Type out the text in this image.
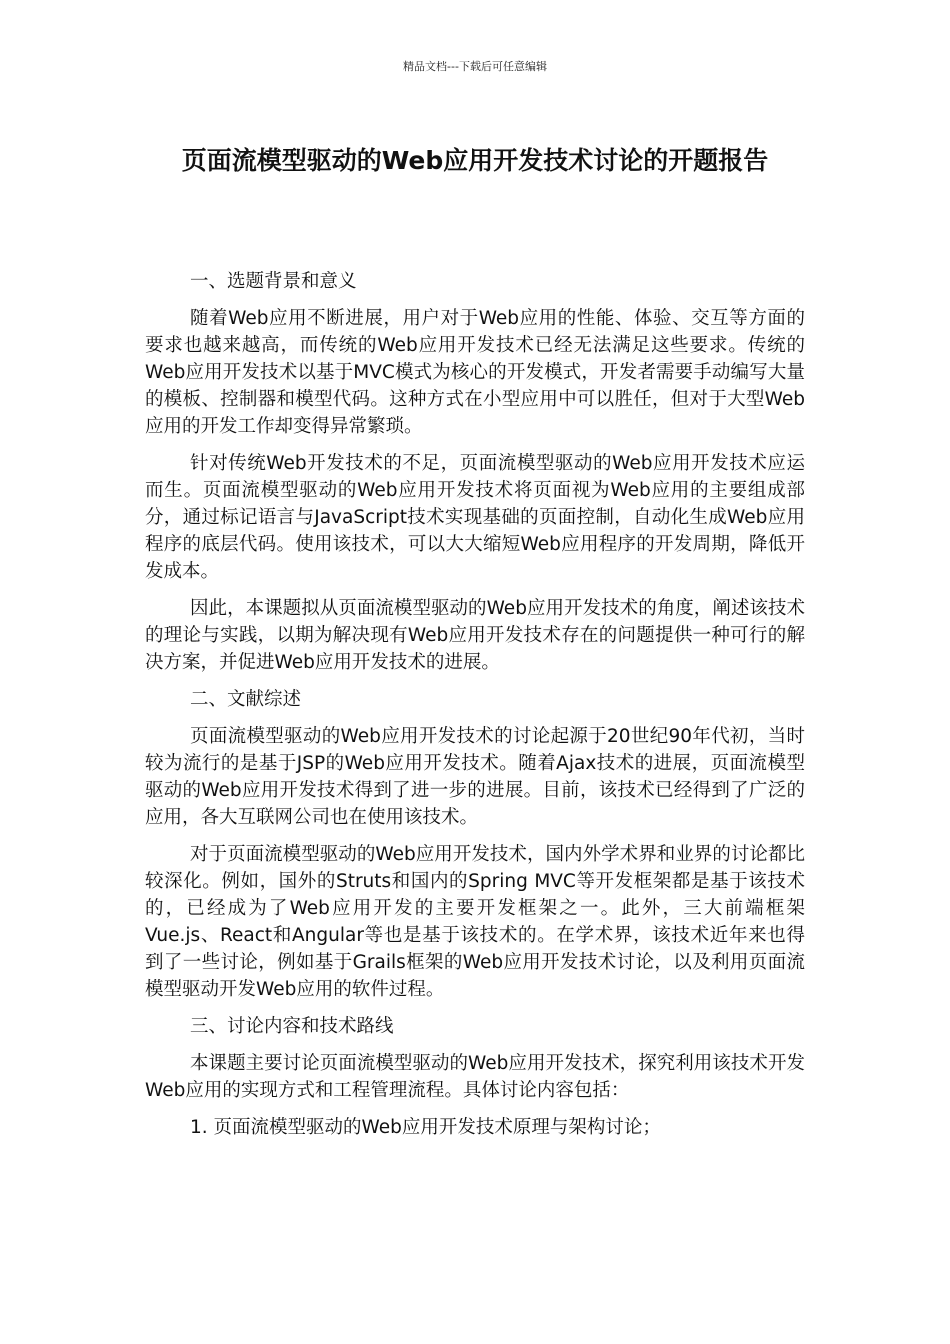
精品文档---下载后可任意编辑
页面流模型驱动的Web应用开发技术讨论的开题报告

一、选题背景和意义

随着Web应用不断进展，用户对于Web应用的性能、体验、交互等方面的要求也越来越高，而传统的Web应用开发技术已经无法满足这些要求。传统的Web应用开发技术以基于MVC模式为核心的开发模式，开发者需要手动编写大量的模板、控制器和模型代码。这种方式在小型应用中可以胜任，但对于大型Web应用的开发工作却变得异常繁琐。

针对传统Web开发技术的不足，页面流模型驱动的Web应用开发技术应运而生。页面流模型驱动的Web应用开发技术将页面视为Web应用的主要组成部分，通过标记语言与JavaScript技术实现基础的页面控制，自动化生成Web应用程序的底层代码。使用该技术，可以大大缩短Web应用程序的开发周期，降低开发成本。

因此，本课题拟从页面流模型驱动的Web应用开发技术的角度，阐述该技术的理论与实践，以期为解决现有Web应用开发技术存在的问题提供一种可行的解决方案，并促进Web应用开发技术的进展。

二、文献综述

页面流模型驱动的Web应用开发技术的讨论起源于20世纪90年代初，当时较为流行的是基于JSP的Web应用开发技术。随着Ajax技术的进展，页面流模型驱动的Web应用开发技术得到了进一步的进展。目前，该技术已经得到了广泛的应用，各大互联网公司也在使用该技术。

对于页面流模型驱动的Web应用开发技术，国内外学术界和业界的讨论都比较深化。例如，国外的Struts和国内的Spring MVC等开发框架都是基于该技术的，已经成为了Web应用开发的主要开发框架之一。此外，三大前端框架Vue.js、React和Angular等也是基于该技术的。在学术界，该技术近年来也得到了一些讨论，例如基于Grails框架的Web应用开发技术讨论，以及利用页面流模型驱动开发Web应用的软件过程。

三、讨论内容和技术路线

本课题主要讨论页面流模型驱动的Web应用开发技术，探究利用该技术开发Web应用的实现方式和工程管理流程。具体讨论内容包括：

1. 页面流模型驱动的Web应用开发技术原理与架构讨论；
